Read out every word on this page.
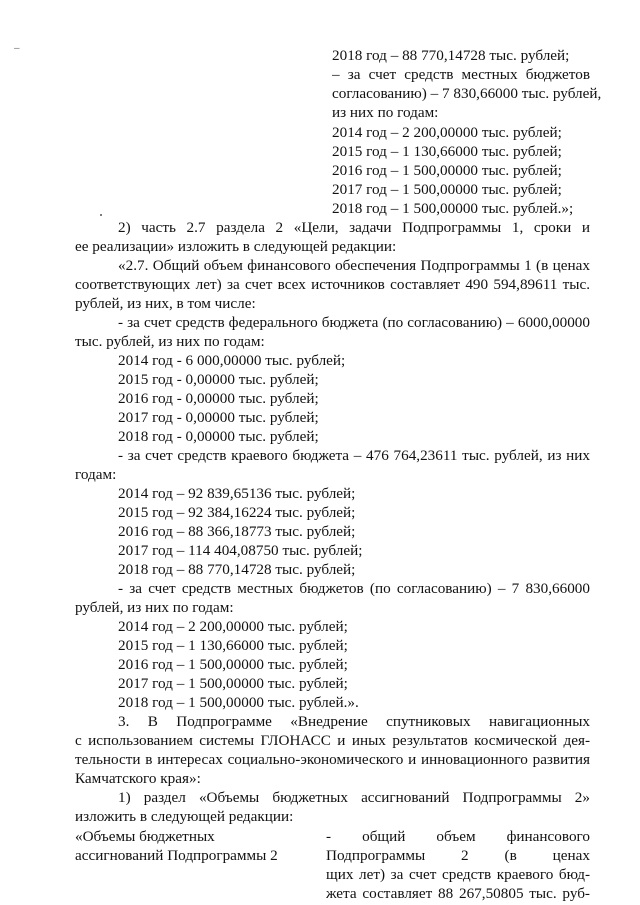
–	2018 год – 88 770,14728 тыс. рублей;
– за счет средств местных бюджетов
согласованию) – 7 830,66000 тыс. рублей,
из них по годам:
2014 год – 2 200,00000 тыс. рублей;
2015 год – 1 130,66000 тыс. рублей;
2016 год – 1 500,00000 тыс. рублей;
2017 год – 1 500,00000 тыс. рублей;
2018 год – 1 500,00000 тыс. рублей.»;
2) часть 2.7 раздела 2 «Цели, задачи Подпрограммы 1, сроки и
ее реализации» изложить в следующей редакции:
«2.7. Общий объем финансового обеспечения Подпрограммы 1 (в ценах
соответствующих лет) за счет всех источников составляет 490 594,89611 тыс.
рублей, из них, в том числе:
- за счет средств федерального бюджета (по согласованию) – 6000,00000
тыс. рублей, из них по годам:
2014 год - 6 000,00000 тыс. рублей;
2015 год - 0,00000 тыс. рублей;
2016 год - 0,00000 тыс. рублей;
2017 год - 0,00000 тыс. рублей;
2018 год - 0,00000 тыс. рублей;
- за счет средств краевого бюджета – 476 764,23611 тыс. рублей, из них
годам:
2014 год – 92 839,65136 тыс. рублей;
2015 год – 92 384,16224 тыс. рублей;
2016 год – 88 366,18773 тыс. рублей;
2017 год – 114 404,08750 тыс. рублей;
2018 год – 88 770,14728 тыс. рублей;
- за счет средств местных бюджетов (по согласованию) – 7 830,66000
рублей, из них по годам:
2014 год – 2 200,00000 тыс. рублей;
2015 год – 1 130,66000 тыс. рублей;
2016 год – 1 500,00000 тыс. рублей;
2017 год – 1 500,00000 тыс. рублей;
2018 год – 1 500,00000 тыс. рублей.».
3. В Подпрограмме «Внедрение спутниковых навигационных
с использованием системы ГЛОНАСС и иных результатов космической дея-
тельности в интересах социально-экономического и инновационного развития
Камчатского края»:
1) раздел «Объемы бюджетных ассигнований Подпрограммы 2»
изложить в следующей редакции:
«Объемы бюджетных
ассигнований Подпрограммы 2
- общий объем финансового
Подпрограммы 2 (в ценах
щих лет) за счет средств краевого бюд-
жета составляет 88 267,50805 тыс. руб-
